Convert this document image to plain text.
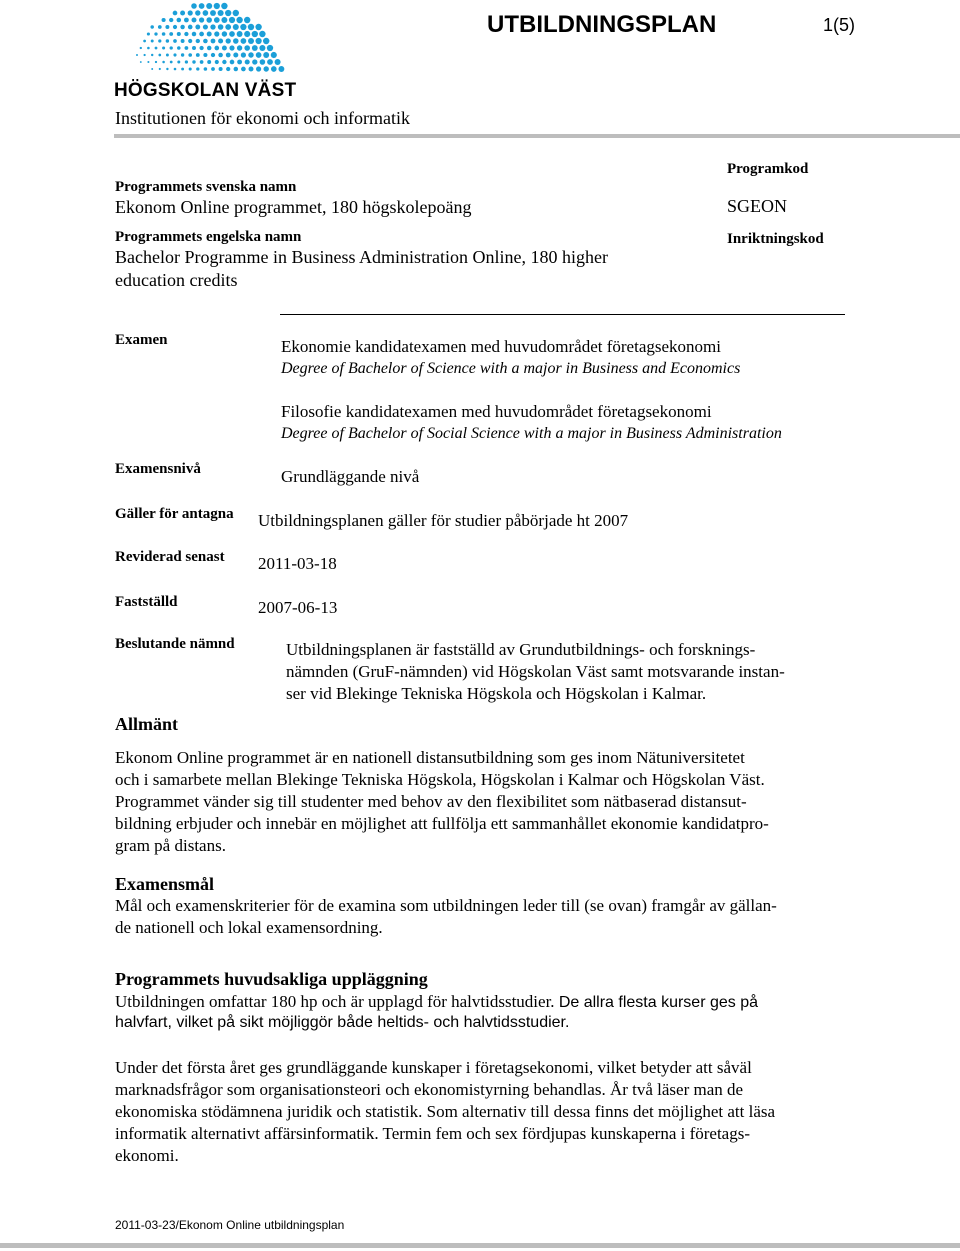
HÖGSKOLAN VÄST
UTBILDNINGSPLAN	1(5)
Institutionen för ekonomi och informatik
Programmets svenska namn
Ekonom Online programmet, 180 högskolepoäng
Programmets engelska namn
Bachelor Programme in Business Administration Online, 180 higher
education credits
Programkod
SGEON
Inriktningskod
Examen	Ekonomie kandidatexamen med huvudområdet företagsekonomi
Degree of Bachelor of Science with a major in Business and Economics
Filosofie kandidatexamen med huvudområdet företagsekonomi
Degree of Bachelor of Social Science with a major in Business Administration
Examensnivå	Grundläggande nivå
Gäller för antagna Utbildningsplanen gäller för studier påbörjade ht 2007
Reviderad senast 2011-03-18
Fastställd	2007-06-13
Beslutande nämnd	Utbildningsplanen är fastställd av Grundutbildnings- och forsknings-
nämnden (GruF-nämnden) vid Högskolan Väst samt motsvarande instan-
ser vid Blekinge Tekniska Högskola och Högskolan i Kalmar.
Allmänt
Ekonom Online programmet är en nationell distansutbildning som ges inom Nätuniversitetet
och i samarbete mellan Blekinge Tekniska Högskola, Högskolan i Kalmar och Högskolan Väst.
Programmet vänder sig till studenter med behov av den flexibilitet som nätbaserad distansut-
bildning erbjuder och innebär en möjlighet att fullfölja ett sammanhållet ekonomie kandidatpro-
gram på distans.
Examensmål
Mål och examenskriterier för de examina som utbildningen leder till (se ovan) framgår av gällan-
de nationell och lokal examensordning.
Programmets huvudsakliga uppläggning
Utbildningen omfattar 180 hp och är upplagd för halvtidsstudier. De allra flesta kurser ges på
halvfart, vilket på sikt möjliggör både heltids- och halvtidsstudier.
Under det första året ges grundläggande kunskaper i företagsekonomi, vilket betyder att såväl
marknadsfrågor som organisationsteori och ekonomistyrning behandlas. År två läser man de
ekonomiska stödämnena juridik och statistik. Som alternativ till dessa finns det möjlighet att läsa
informatik alternativt affärsinformatik. Termin fem och sex fördjupas kunskaperna i företags-
ekonomi.
2011-03-23/Ekonom Online utbildningsplan
